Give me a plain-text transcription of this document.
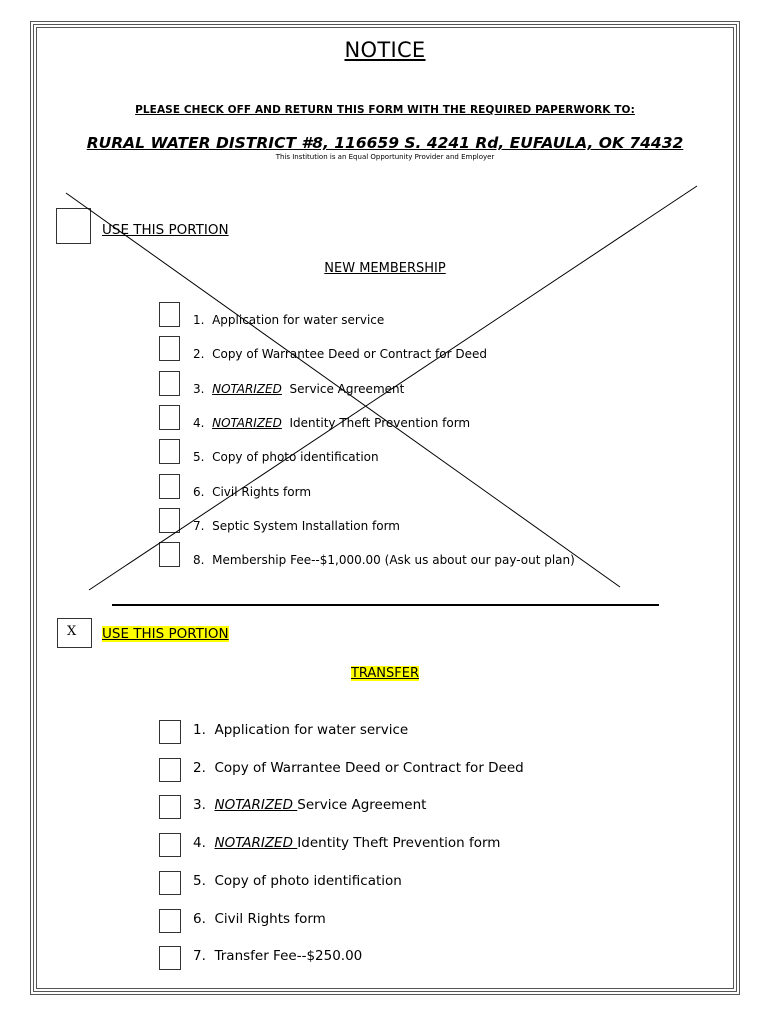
NOTICE
PLEASE CHECK OFF AND RETURN THIS FORM WITH THE REQUIRED PAPERWORK TO:
RURAL WATER DISTRICT #8, 116659 S. 4241 Rd, EUFAULA, OK 74432
This Institution is an Equal Opportunity Provider and Employer
USE THIS PORTION
NEW MEMBERSHIP
1. Application for water service
2. Copy of Warrantee Deed or Contract for Deed
3. NOTARIZED Service Agreement
4. NOTARIZED Identity Theft Prevention form
5. Copy of photo identification
6. Civil Rights form
7. Septic System Installation form
8. Membership Fee--$1,000.00 (Ask us about our pay-out plan)
X USE THIS PORTION
TRANSFER
1. Application for water service
2. Copy of Warrantee Deed or Contract for Deed
3. NOTARIZED Service Agreement
4. NOTARIZED Identity Theft Prevention form
5. Copy of photo identification
6. Civil Rights form
7. Transfer Fee--$250.00
